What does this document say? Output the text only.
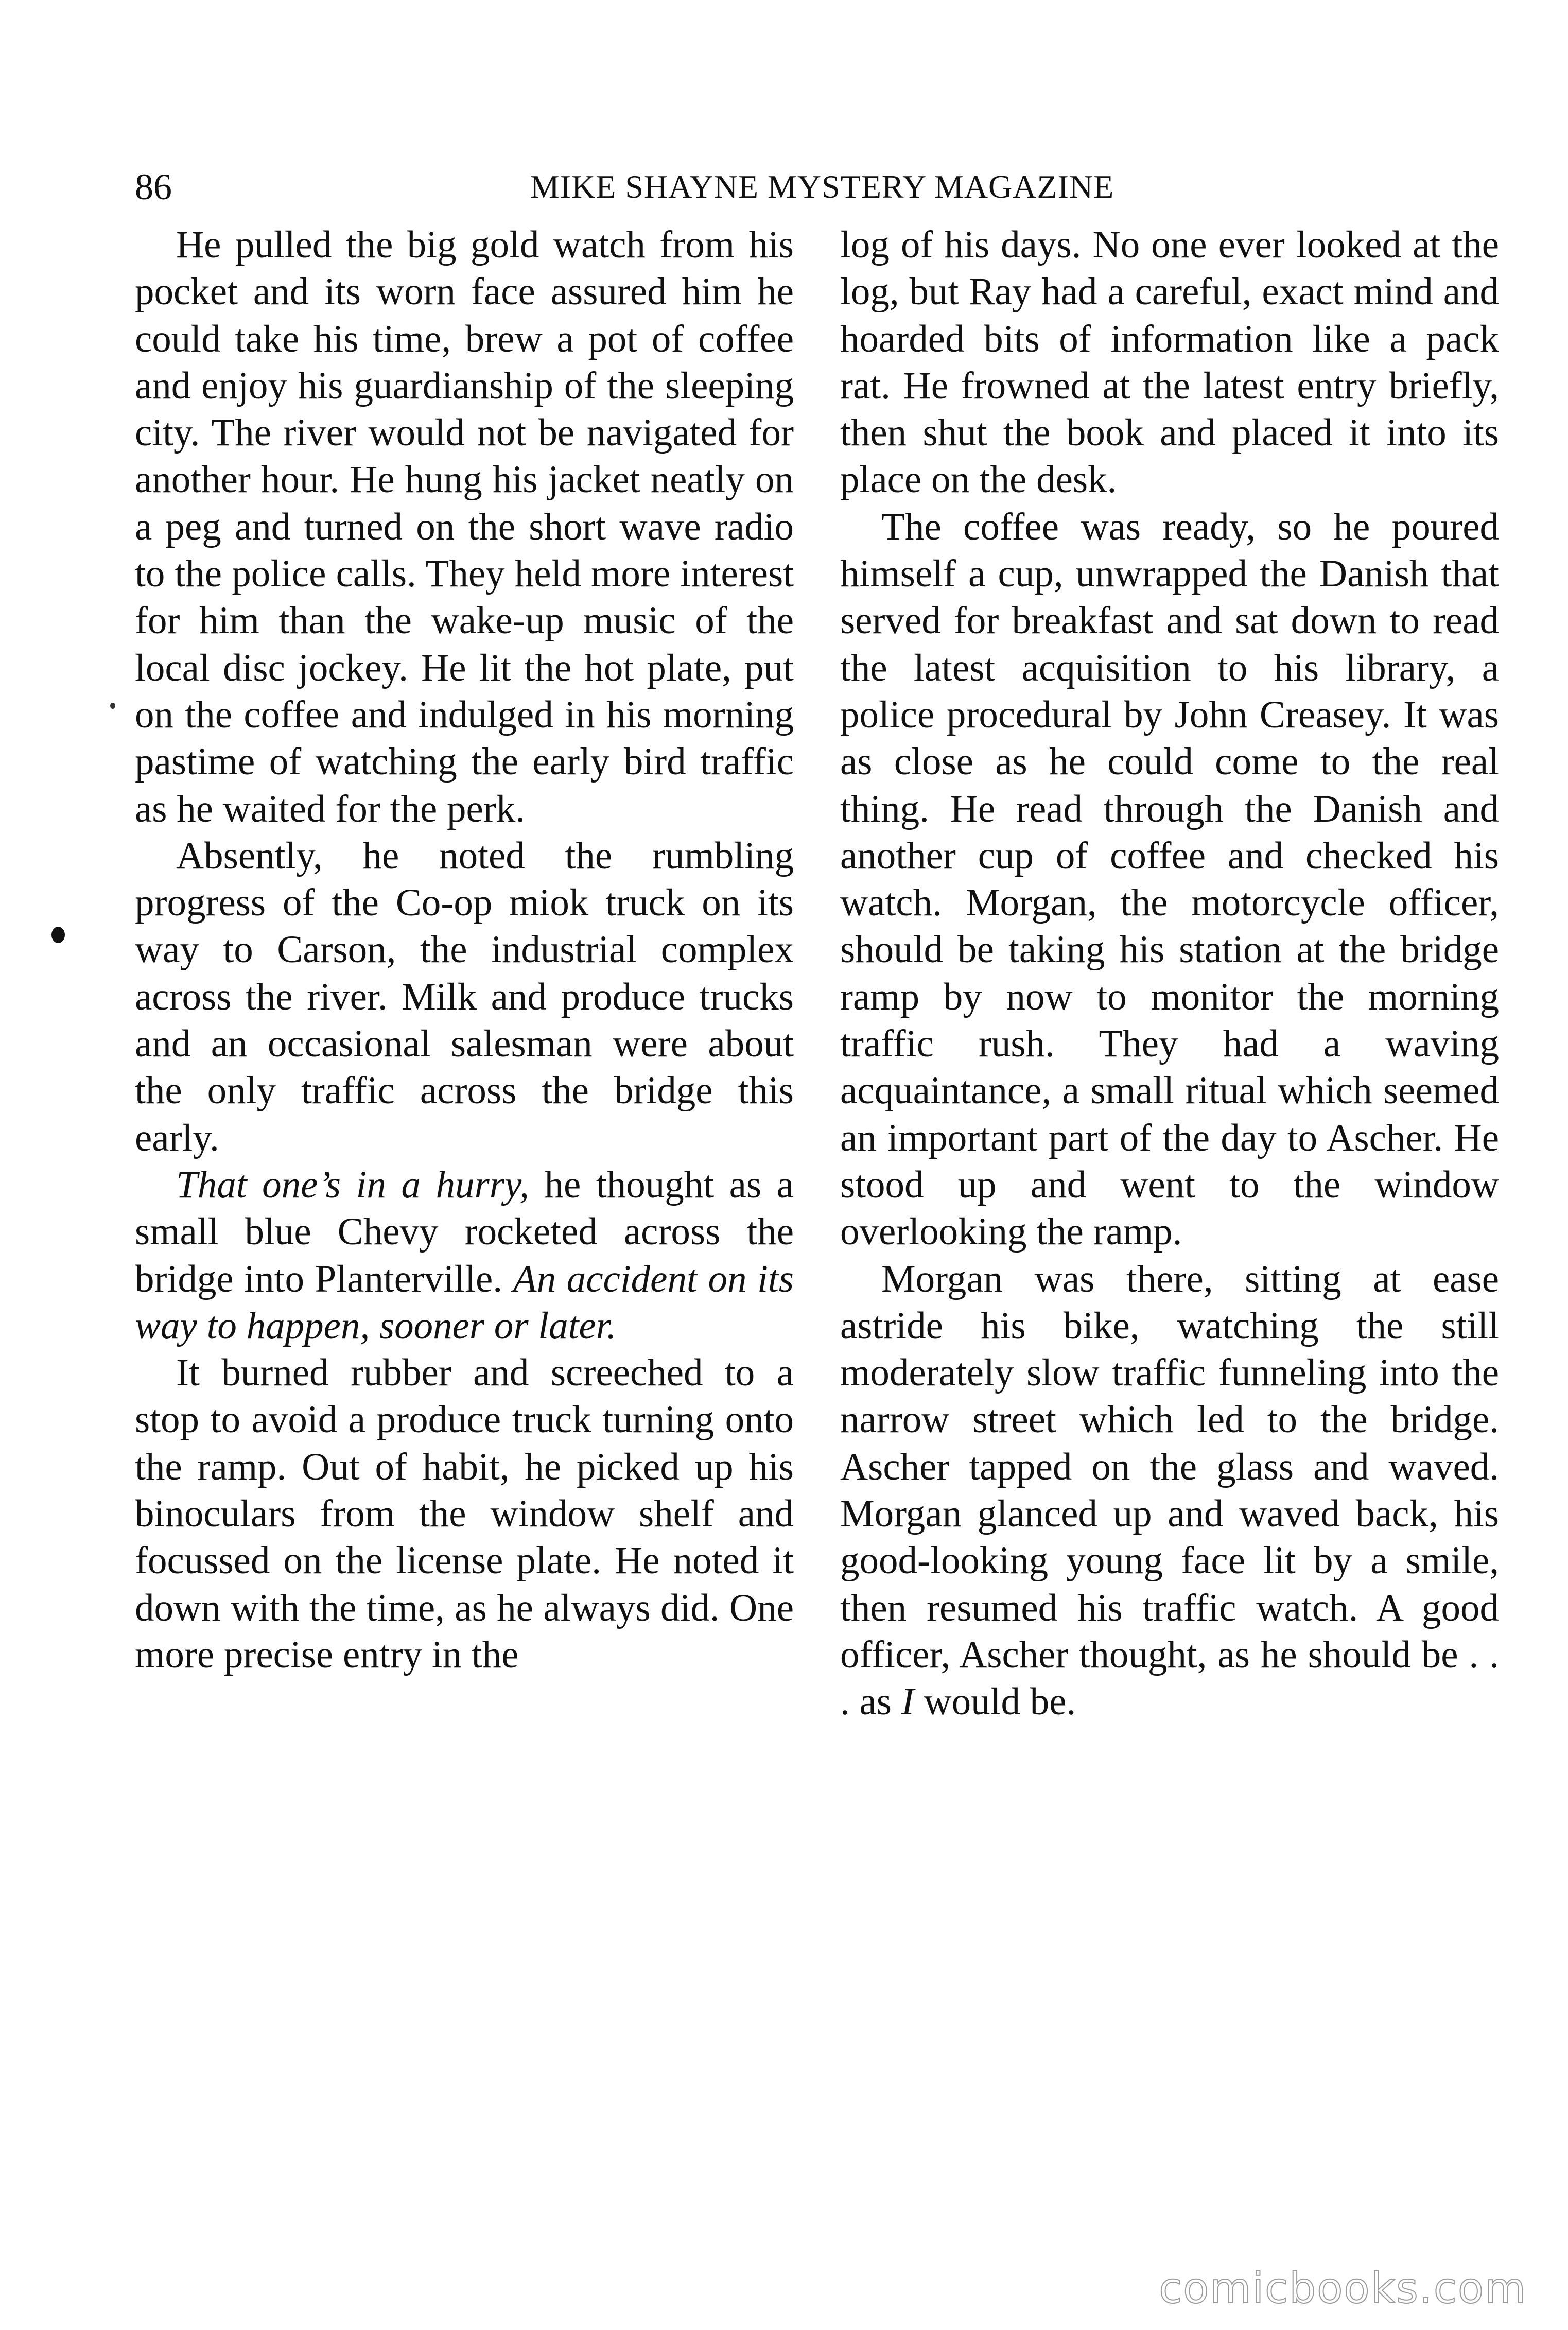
86	MIKE SHAYNE MYSTERY MAGAZINE

He pulled the big gold watch from his pocket and its worn face assured him he could take his time, brew a pot of coffee and enjoy his guardianship of the sleeping city. The river would not be navigated for another hour. He hung his jacket neatly on a peg and turned on the short wave radio to the police calls. They held more interest for him than the wake-up music of the local disc jockey. He lit the hot plate, put on the coffee and indulged in his morning pastime of watching the early bird traffic as he waited for the perk.

Absently, he noted the rumbling progress of the Co-op miok truck on its way to Carson, the industrial complex across the river. Milk and produce trucks and an occasional salesman were about the only traffic across the bridge this early.

That one’s in a hurry, he thought as a small blue Chevy rocketed across the bridge into Planterville. An accident on its way to happen, sooner or later.

It burned rubber and screeched to a stop to avoid a produce truck turning onto the ramp. Out of habit, he picked up his binoculars from the window shelf and focussed on the license plate. He noted it down with the time, as he always did. One more precise entry in the

log of his days. No one ever looked at the log, but Ray had a careful, exact mind and hoarded bits of information like a pack rat. He frowned at the latest entry briefly, then shut the book and placed it into its place on the desk.

The coffee was ready, so he poured himself a cup, unwrapped the Danish that served for breakfast and sat down to read the latest acquisition to his library, a police procedural by John Creasey. It was as close as he could come to the real thing. He read through the Danish and another cup of coffee and checked his watch. Morgan, the motorcycle officer, should be taking his station at the bridge ramp by now to monitor the morning traffic rush. They had a waving acquaintance, a small ritual which seemed an important part of the day to Ascher. He stood up and went to the window overlooking the ramp.

Morgan was there, sitting at ease astride his bike, watching the still moderately slow traffic funneling into the narrow street which led to the bridge. Ascher tapped on the glass and waved. Morgan glanced up and waved back, his good-looking young face lit by a smile, then resumed his traffic watch. A good officer, Ascher thought, as he should be . . . as I would be.

comicbooks.com
